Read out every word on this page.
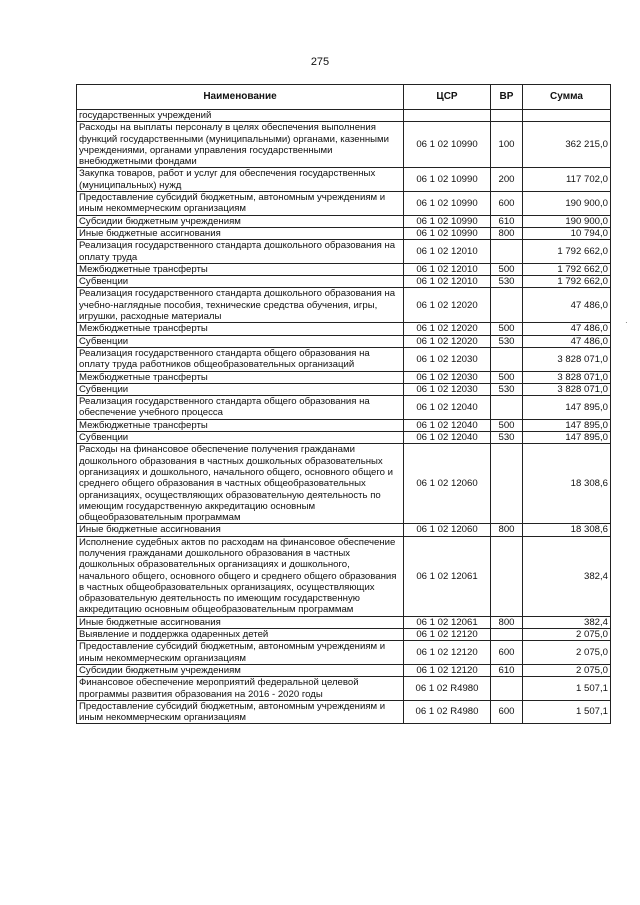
275
·
Наименование	ЦСР	ВР	Сумма
государственных учреждений			
Расходы на выплаты персоналу в целях обеспечения выполнения функций государственными (муниципальными) органами, казенными учреждениями, органами управления государственными внебюджетными фондами	06 1 02 10990	100	362 215,0
Закупка товаров, работ и услуг для обеспечения государственных (муниципальных) нужд	06 1 02 10990	200	117 702,0
Предоставление субсидий бюджетным, автономным учреждениям и иным некоммерческим организациям	06 1 02 10990	600	190 900,0
Субсидии бюджетным учреждениям	06 1 02 10990	610	190 900,0
Иные бюджетные ассигнования	06 1 02 10990	800	10 794,0
Реализация государственного стандарта дошкольного образования на оплату труда	06 1 02 12010		1 792 662,0
Межбюджетные трансферты	06 1 02 12010	500	1 792 662,0
Субвенции	06 1 02 12010	530	1 792 662,0
Реализация государственного стандарта дошкольного образования на учебно-наглядные пособия, технические средства обучения, игры, игрушки, расходные материалы	06 1 02 12020		47 486,0
Межбюджетные трансферты	06 1 02 12020	500	47 486,0
Субвенции	06 1 02 12020	530	47 486,0
Реализация государственного стандарта общего образования на оплату труда работников общеобразовательных организаций	06 1 02 12030		3 828 071,0
Межбюджетные трансферты	06 1 02 12030	500	3 828 071,0
Субвенции	06 1 02 12030	530	3 828 071,0
Реализация государственного стандарта общего образования на обеспечение учебного процесса	06 1 02 12040		147 895,0
Межбюджетные трансферты	06 1 02 12040	500	147 895,0
Субвенции	06 1 02 12040	530	147 895,0
Расходы на финансовое обеспечение получения гражданами дошкольного образования в частных дошкольных образовательных организациях и дошкольного, начального общего, основного общего и среднего общего образования в частных общеобразовательных организациях, осуществляющих образовательную деятельность по имеющим государственную аккредитацию основным общеобразовательным программам	06 1 02 12060		18 308,6
Иные бюджетные ассигнования	06 1 02 12060	800	18 308,6
Исполнение судебных актов по расходам на финансовое обеспечение получения гражданами дошкольного образования в частных дошкольных образовательных организациях и дошкольного, начального общего, основного общего и среднего общего образования в частных общеобразовательных организациях, осуществляющих образовательную деятельность по имеющим государственную аккредитацию основным общеобразовательным программам	06 1 02 12061		382,4
Иные бюджетные ассигнования	06 1 02 12061	800	382,4
Выявление и поддержка одаренных детей	06 1 02 12120		2 075,0
Предоставление субсидий бюджетным, автономным учреждениям и иным некоммерческим организациям	06 1 02 12120	600	2 075,0
Субсидии бюджетным учреждениям	06 1 02 12120	610	2 075,0
Финансовое обеспечение мероприятий федеральной целевой программы развития образования на 2016 - 2020 годы	06 1 02 R4980		1 507,1
Предоставление субсидий бюджетным, автономным учреждениям и иным некоммерческим организациям	06 1 02 R4980	600	1 507,1
